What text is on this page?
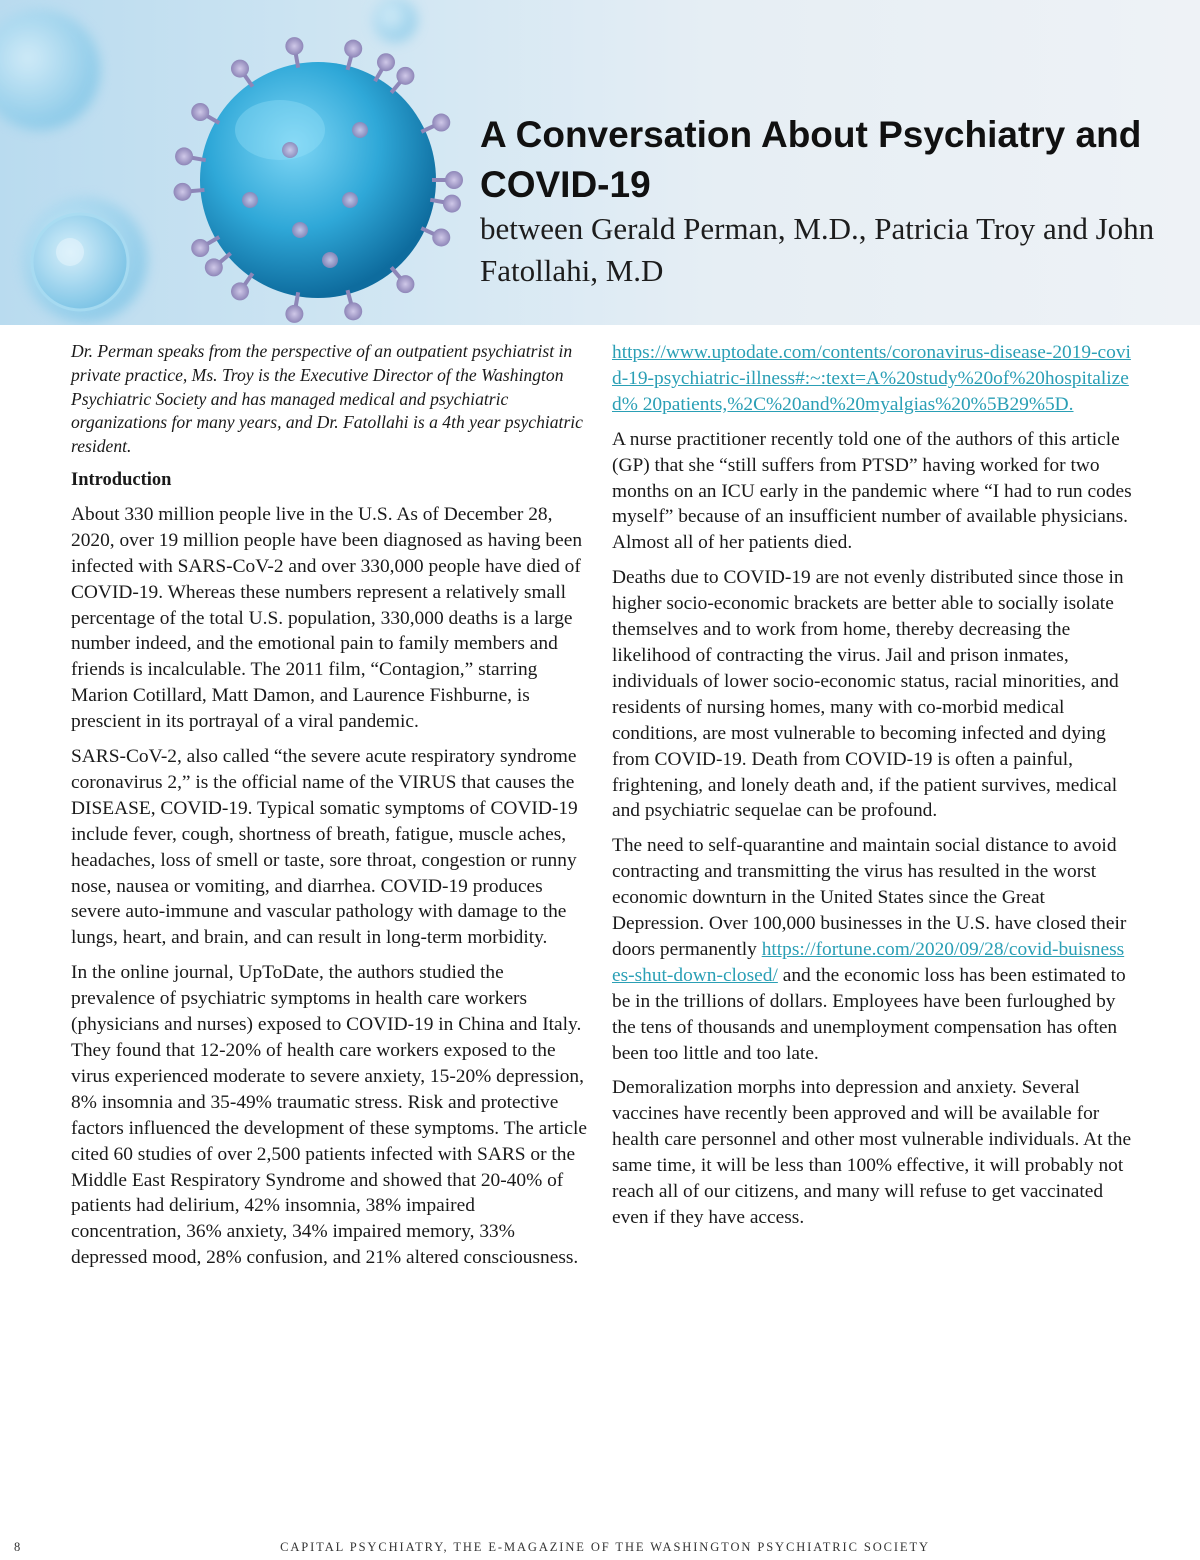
A Conversation About Psychiatry and COVID-19
between Gerald Perman, M.D., Patricia Troy and John Fatollahi, M.D

Dr. Perman speaks from the perspective of an outpatient psychiatrist in private practice, Ms. Troy is the Executive Director of the Washington Psychiatric Society and has managed medical and psychiatric organizations for many years, and Dr. Fatollahi is a 4th year psychiatric resident.

Introduction

About 330 million people live in the U.S. As of December 28, 2020, over 19 million people have been diagnosed as having been infected with SARS-CoV-2 and over 330,000 people have died of COVID-19. Whereas these numbers represent a relatively small percentage of the total U.S. population, 330,000 deaths is a large number indeed, and the emotional pain to family members and friends is incalculable. The 2011 film, “Contagion,” starring Marion Cotillard, Matt Damon, and Laurence Fishburne, is prescient in its portrayal of a viral pandemic.

SARS-CoV-2, also called “the severe acute respiratory syndrome coronavirus 2,” is the official name of the VIRUS that causes the DISEASE, COVID-19. Typical somatic symptoms of COVID-19 include fever, cough, shortness of breath, fatigue, muscle aches, headaches, loss of smell or taste, sore throat, congestion or runny nose, nausea or vomiting, and diarrhea. COVID-19 produces severe auto-immune and vascular pathology with damage to the lungs, heart, and brain, and can result in long-term morbidity.

In the online journal, UpToDate, the authors studied the prevalence of psychiatric symptoms in health care workers (physicians and nurses) exposed to COVID-19 in China and Italy. They found that 12-20% of health care workers exposed to the virus experienced moderate to severe anxiety, 15-20% depression, 8% insomnia and 35-49% traumatic stress. Risk and protective factors influenced the development of these symptoms. The article cited 60 studies of over 2,500 patients infected with SARS or the Middle East Respiratory Syndrome and showed that 20-40% of patients had delirium, 42% insomnia, 38% impaired concentration, 36% anxiety, 34% impaired memory, 33% depressed mood, 28% confusion, and 21% altered consciousness.

https://www.uptodate.com/contents/coronavirus-disease-2019-covid-19-psychiatric-illness#:~:text=A%20study%20of%20hospitalized% 20patients,%2C%20and%20myalgias%20%5B29%5D.

A nurse practitioner recently told one of the authors of this article (GP) that she “still suffers from PTSD” having worked for two months on an ICU early in the pandemic where “I had to run codes myself” because of an insufficient number of available physicians. Almost all of her patients died.

Deaths due to COVID-19 are not evenly distributed since those in higher socio-economic brackets are better able to socially isolate themselves and to work from home, thereby decreasing the likelihood of contracting the virus. Jail and prison inmates, individuals of lower socio-economic status, racial minorities, and residents of nursing homes, many with co-morbid medical conditions, are most vulnerable to becoming infected and dying from COVID-19. Death from COVID-19 is often a painful, frightening, and lonely death and, if the patient survives, medical and psychiatric sequelae can be profound.

The need to self-quarantine and maintain social distance to avoid contracting and transmitting the virus has resulted in the worst economic downturn in the United States since the Great Depression. Over 100,000 businesses in the U.S. have closed their doors permanently https://fortune.com/2020/09/28/covid-buisnesses-shut-down-closed/ and the economic loss has been estimated to be in the trillions of dollars. Employees have been furloughed by the tens of thousands and unemployment compensation has often been too little and too late.

Demoralization morphs into depression and anxiety. Several vaccines have recently been approved and will be available for health care personnel and other most vulnerable individuals. At the same time, it will be less than 100% effective, it will probably not reach all of our citizens, and many will refuse to get vaccinated even if they have access.

8	CAPITAL PSYCHIATRY, THE E-MAGAZINE OF THE WASHINGTON PSYCHIATRIC SOCIETY
